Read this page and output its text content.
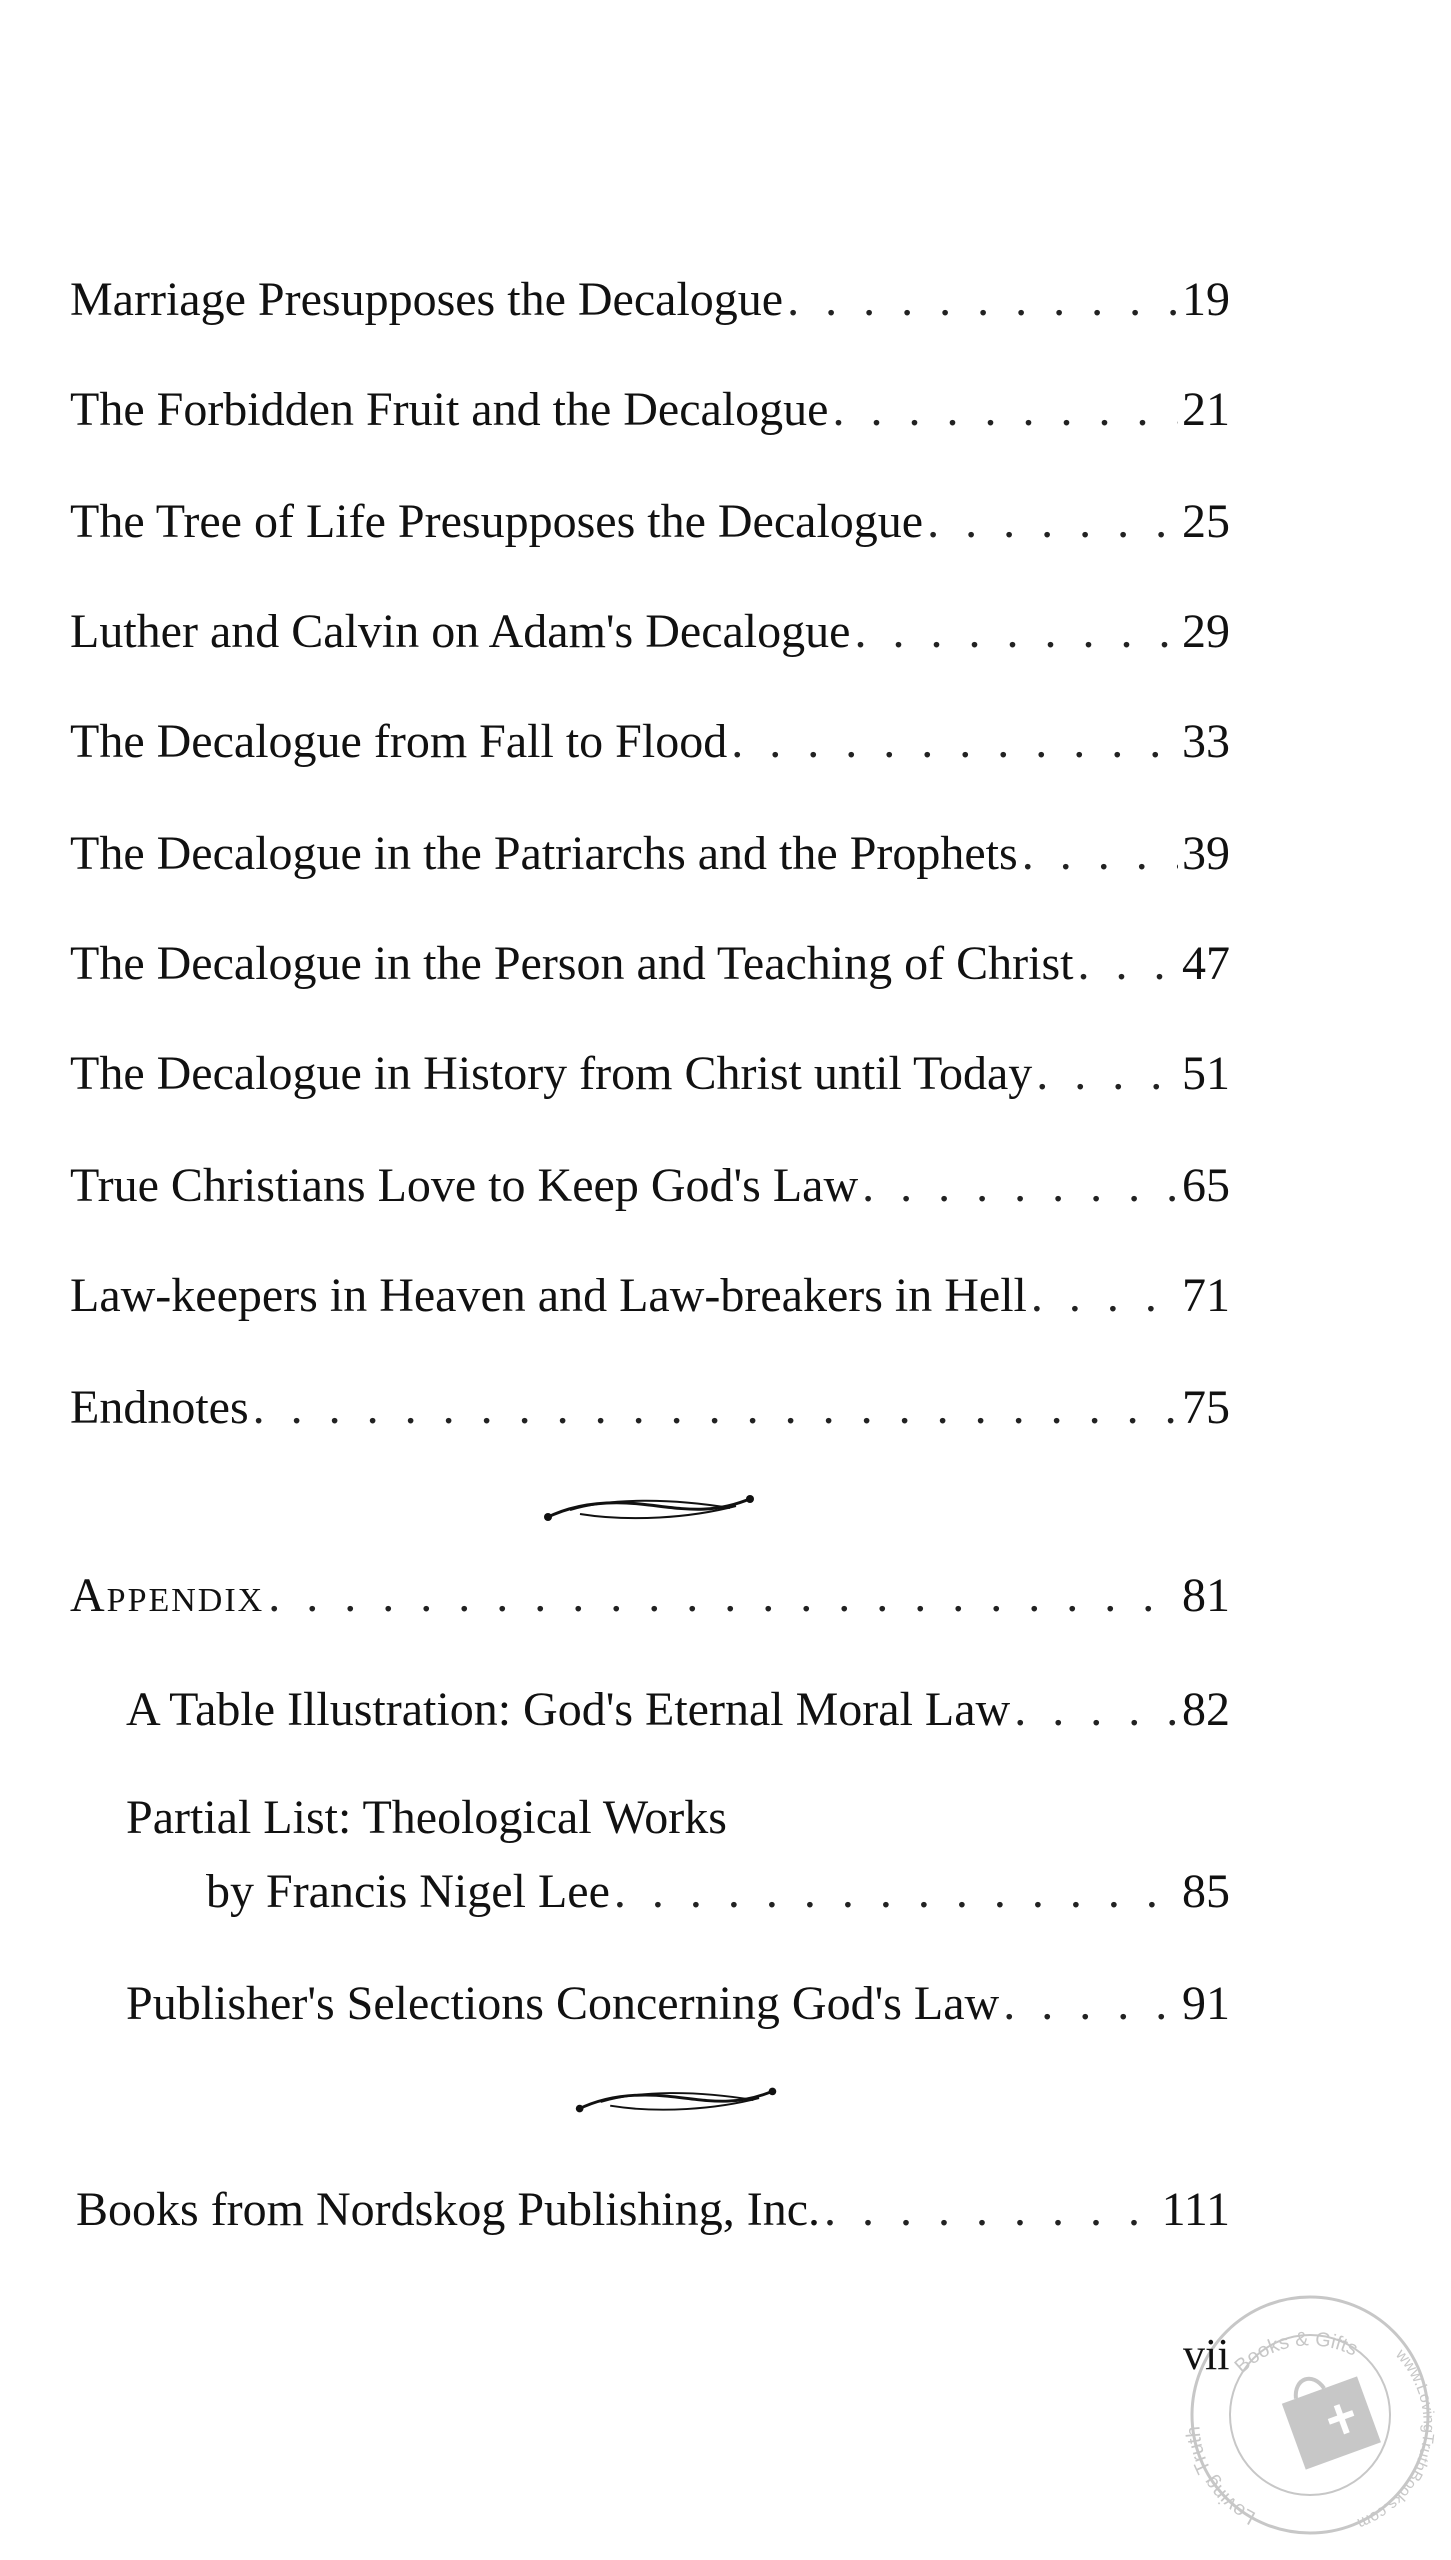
Marriage Presupposes the Decalogue . . .	19
The Forbidden Fruit and the Decalogue . . .	21
The Tree of Life Presupposes the Decalogue . . .	25
Luther and Calvin on Adam's Decalogue . . .	29
The Decalogue from Fall to Flood . . .	33
The Decalogue in the Patriarchs and the Prophets . . .	39
The Decalogue in the Person and Teaching of Christ . . . 47
The Decalogue in History from Christ until Today . . .	51
True Christians Love to Keep God's Law . . .	65
Law-keepers in Heaven and Law-breakers in Hell . . .	71
Endnotes . . .	75
Appendix . . .	81
A Table Illustration: God's Eternal Moral Law . . .	82
Partial List: Theological Works
by Francis Nigel Lee . . .	85
Publisher's Selections Concerning God's Law . . .	91
Books from Nordskog Publishing, Inc. . . .	111
Books & Gifts
Loving Truth
www.LovingTruthBooks.com
vii
